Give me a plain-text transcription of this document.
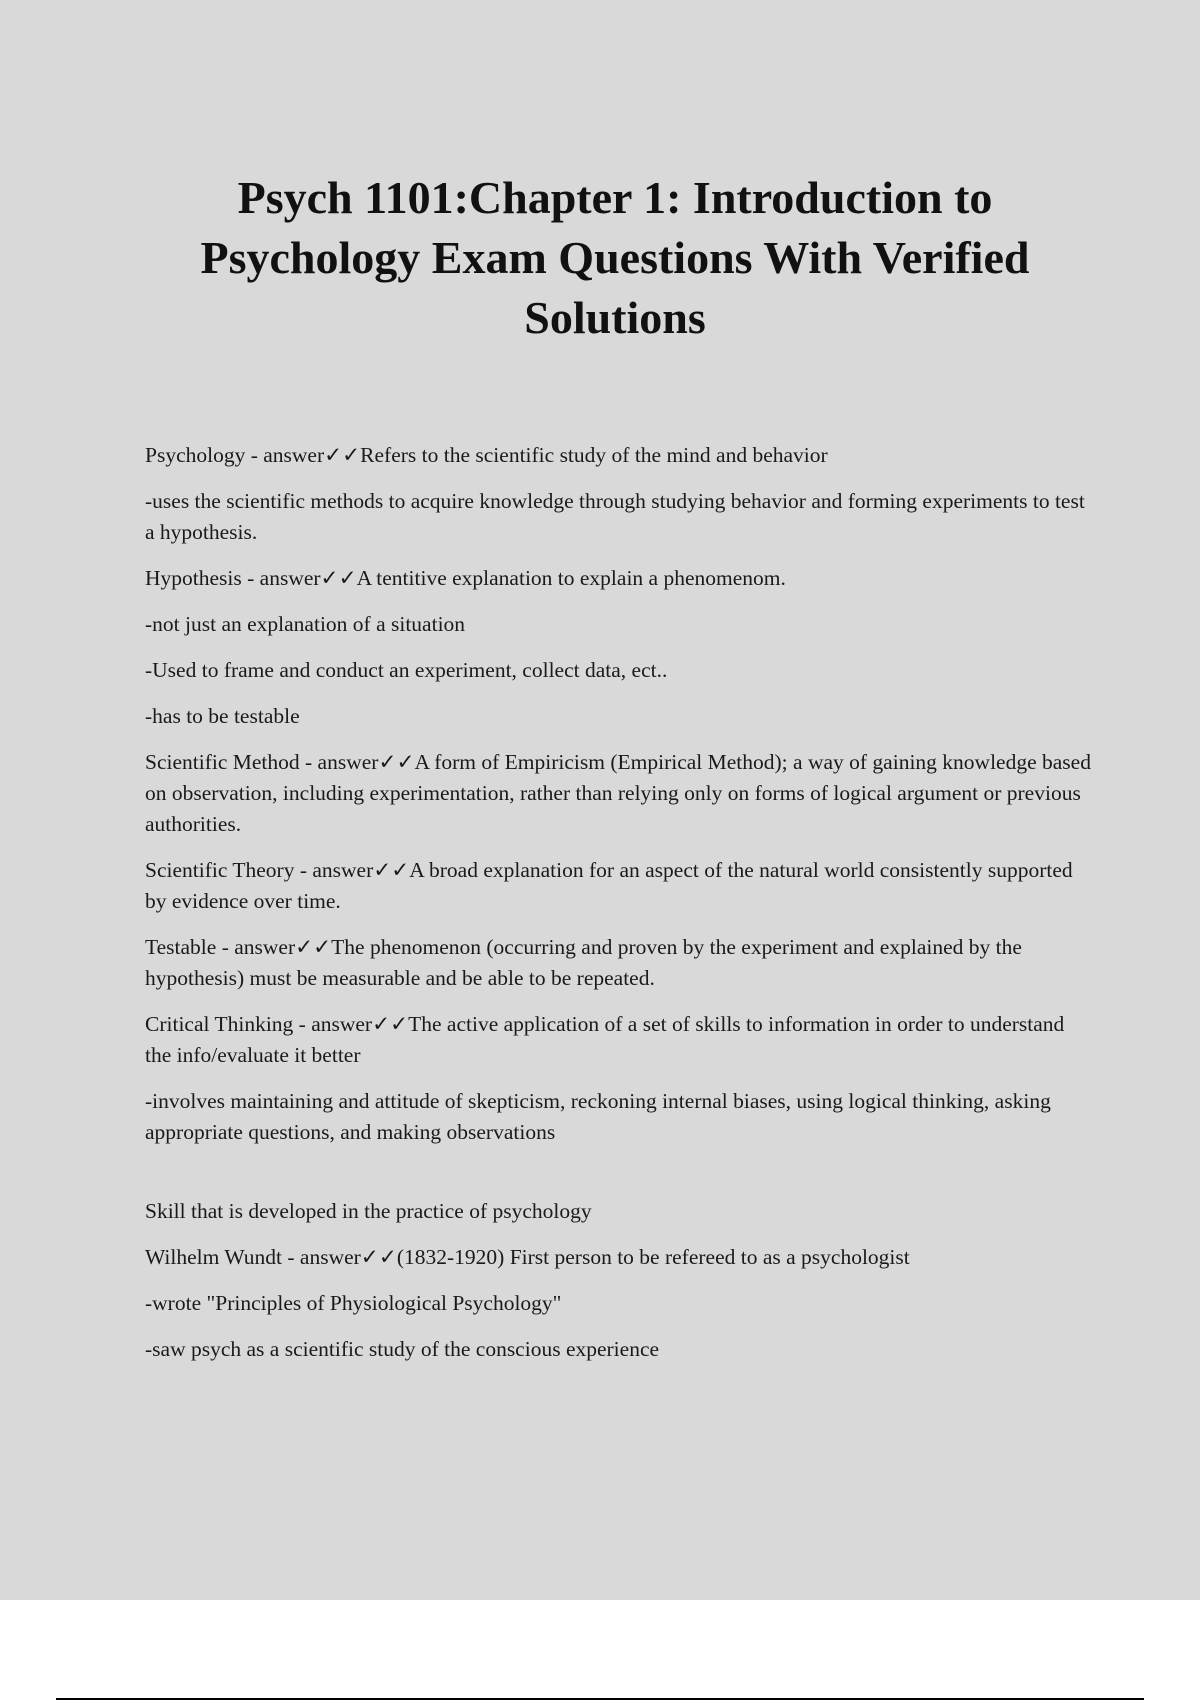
Psych 1101:Chapter 1: Introduction to Psychology Exam Questions With Verified Solutions

Psychology - answer✓✓Refers to the scientific study of the mind and behavior

-uses the scientific methods to acquire knowledge through studying behavior and forming experiments to test a hypothesis.

Hypothesis - answer✓✓A tentitive explanation to explain a phenomenom.

-not just an explanation of a situation

-Used to frame and conduct an experiment, collect data, ect..

-has to be testable

Scientific Method - answer✓✓A form of Empiricism (Empirical Method); a way of gaining knowledge based on observation, including experimentation, rather than relying only on forms of logical argument or previous authorities.

Scientific Theory - answer✓✓A broad explanation for an aspect of the natural world consistently supported by evidence over time.

Testable - answer✓✓The phenomenon (occurring and proven by the experiment and explained by the hypothesis) must be measurable and be able to be repeated.

Critical Thinking - answer✓✓The active application of a set of skills to information in order to understand the info/evaluate it better

-involves maintaining and attitude of skepticism, reckoning internal biases, using logical thinking, asking appropriate questions, and making observations

Skill that is developed in the practice of psychology

Wilhelm Wundt - answer✓✓(1832-1920) First person to be refereed to as a psychologist

-wrote "Principles of Physiological Psychology"

-saw psych as a scientific study of the conscious experience
